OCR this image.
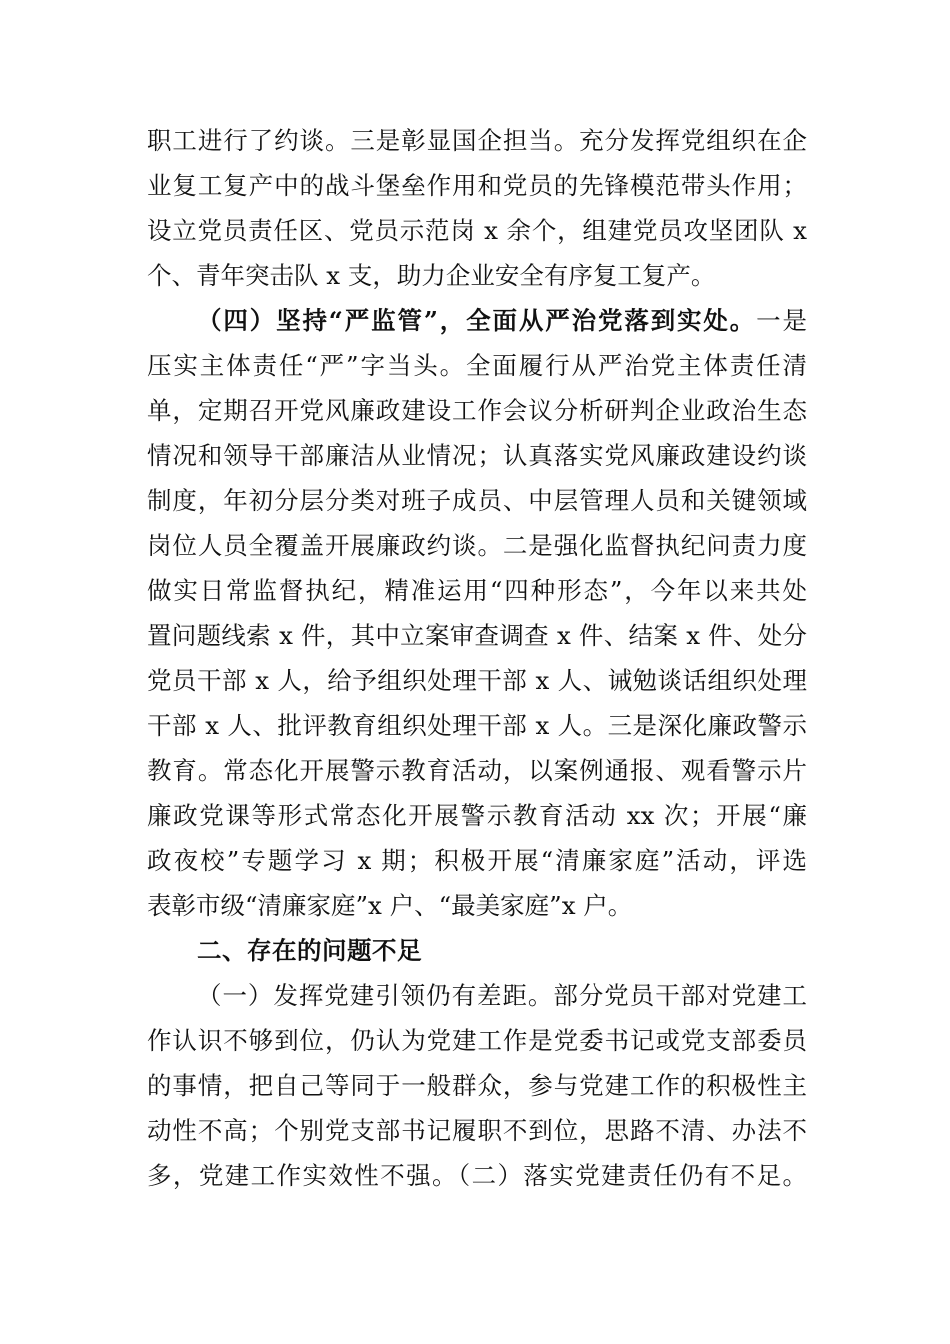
职工进行了约谈。三是彰显国企担当。充分发挥党组织在企
业复工复产中的战斗堡垒作用和党员的先锋模范带头作用；
设立党员责任区、党员示范岗 x 余个，组建党员攻坚团队 x
个、青年突击队 x 支，助力企业安全有序复工复产。
（四）坚持“严监管”，全面从严治党落到实处。一是
压实主体责任“严”字当头。全面履行从严治党主体责任清
单，定期召开党风廉政建设工作会议分析研判企业政治生态
情况和领导干部廉洁从业情况；认真落实党风廉政建设约谈
制度，年初分层分类对班子成员、中层管理人员和关键领域
岗位人员全覆盖开展廉政约谈。二是强化监督执纪问责力度
做实日常监督执纪，精准运用“四种形态”，今年以来共处
置问题线索 x 件，其中立案审查调查 x 件、结案 x 件、处分
党员干部 x 人，给予组织处理干部 x 人、诫勉谈话组织处理
干部 x 人、批评教育组织处理干部 x 人。三是深化廉政警示
教育。常态化开展警示教育活动，以案例通报、观看警示片
廉政党课等形式常态化开展警示教育活动 xx 次；开展“廉
政夜校”专题学习 x 期；积极开展“清廉家庭”活动，评选
表彰市级“清廉家庭”x 户、“最美家庭”x 户。
二、存在的问题不足
（一）发挥党建引领仍有差距。部分党员干部对党建工
作认识不够到位，仍认为党建工作是党委书记或党支部委员
的事情，把自己等同于一般群众，参与党建工作的积极性主
动性不高；个别党支部书记履职不到位，思路不清、办法不
多，党建工作实效性不强。（二）落实党建责任仍有不足。
